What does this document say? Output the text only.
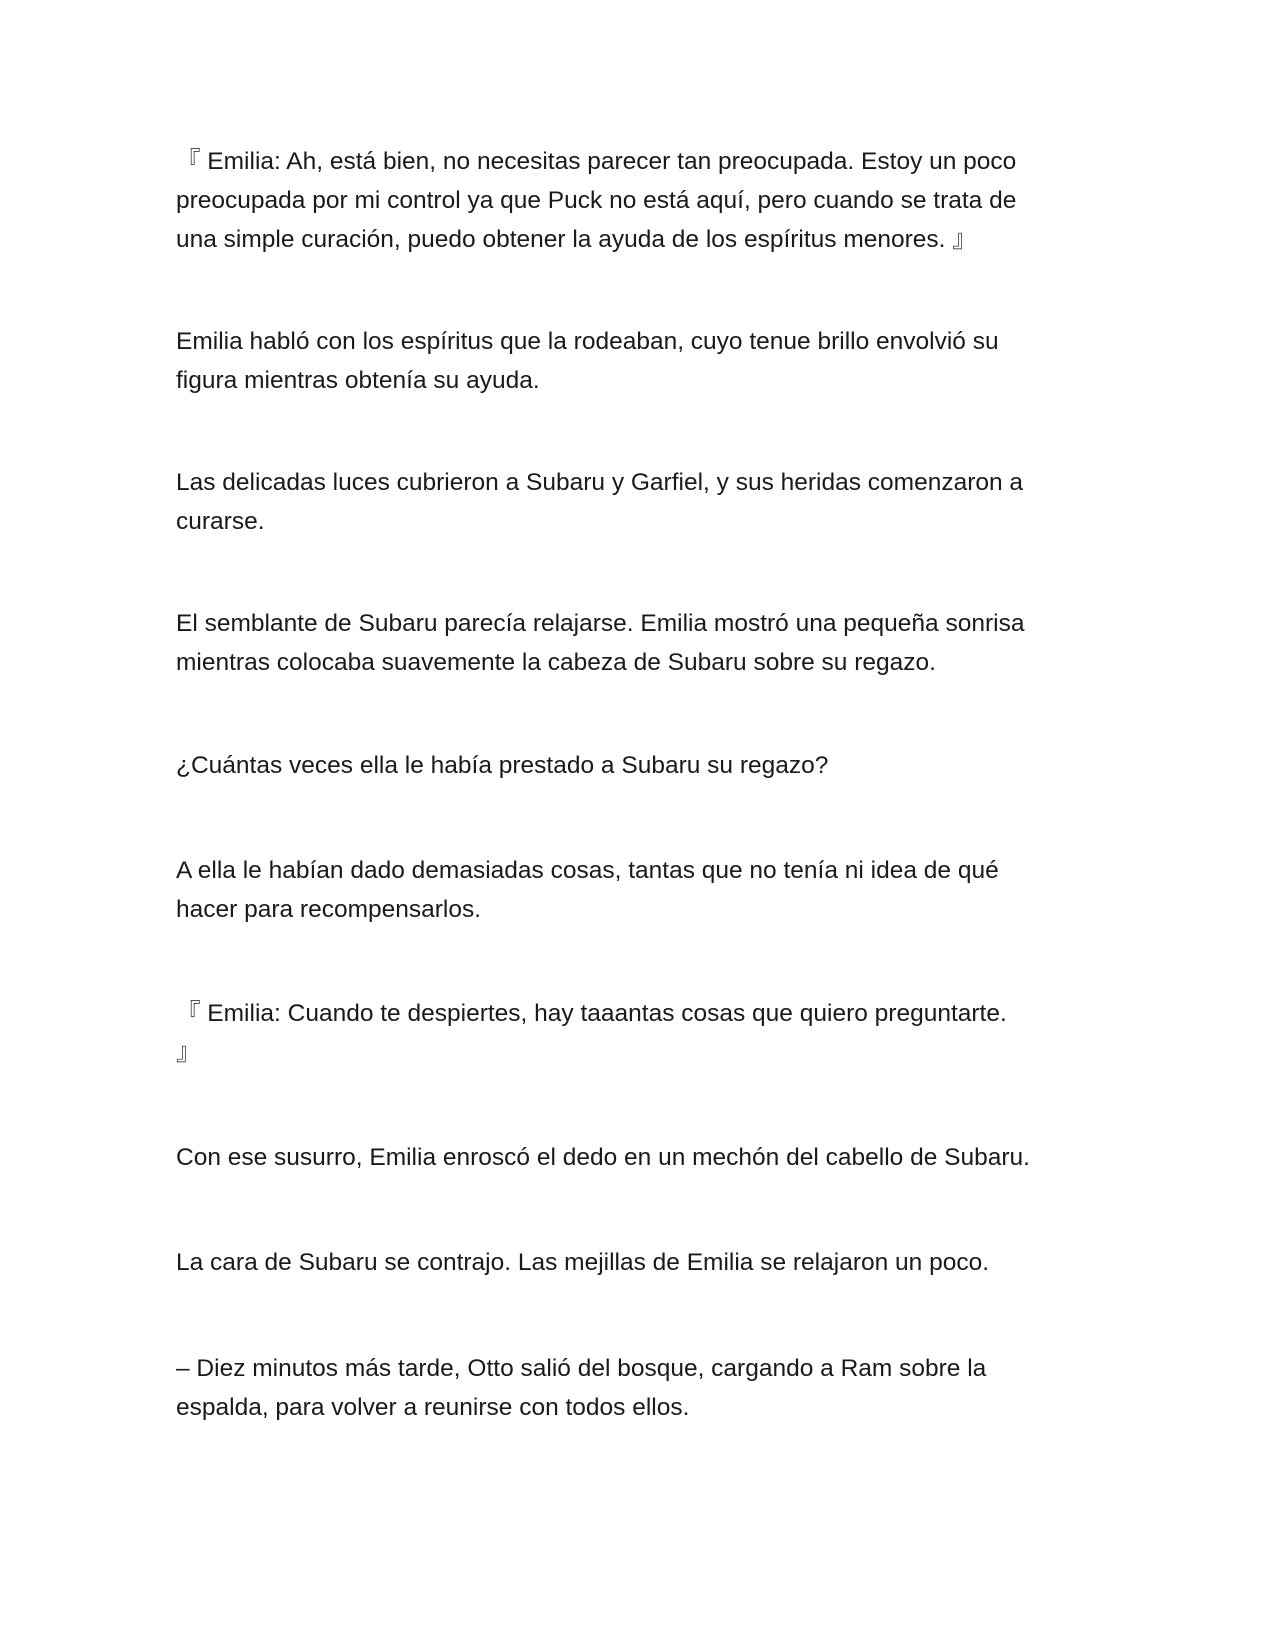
『 Emilia: Ah, está bien, no necesitas parecer tan preocupada. Estoy un poco
preocupada por mi control ya que Puck no está aquí, pero cuando se trata de
una simple curación, puedo obtener la ayuda de los espíritus menores. 』

Emilia habló con los espíritus que la rodeaban, cuyo tenue brillo envolvió su
figura mientras obtenía su ayuda.

Las delicadas luces cubrieron a Subaru y Garfiel, y sus heridas comenzaron a
curarse.

El semblante de Subaru parecía relajarse. Emilia mostró una pequeña sonrisa
mientras colocaba suavemente la cabeza de Subaru sobre su regazo.

¿Cuántas veces ella le había prestado a Subaru su regazo?

A ella le habían dado demasiadas cosas, tantas que no tenía ni idea de qué
hacer para recompensarlos.

『 Emilia: Cuando te despiertes, hay taaantas cosas que quiero preguntarte.
』

Con ese susurro, Emilia enroscó el dedo en un mechón del cabello de Subaru.

La cara de Subaru se contrajo. Las mejillas de Emilia se relajaron un poco.

– Diez minutos más tarde, Otto salió del bosque, cargando a Ram sobre la
espalda, para volver a reunirse con todos ellos.
